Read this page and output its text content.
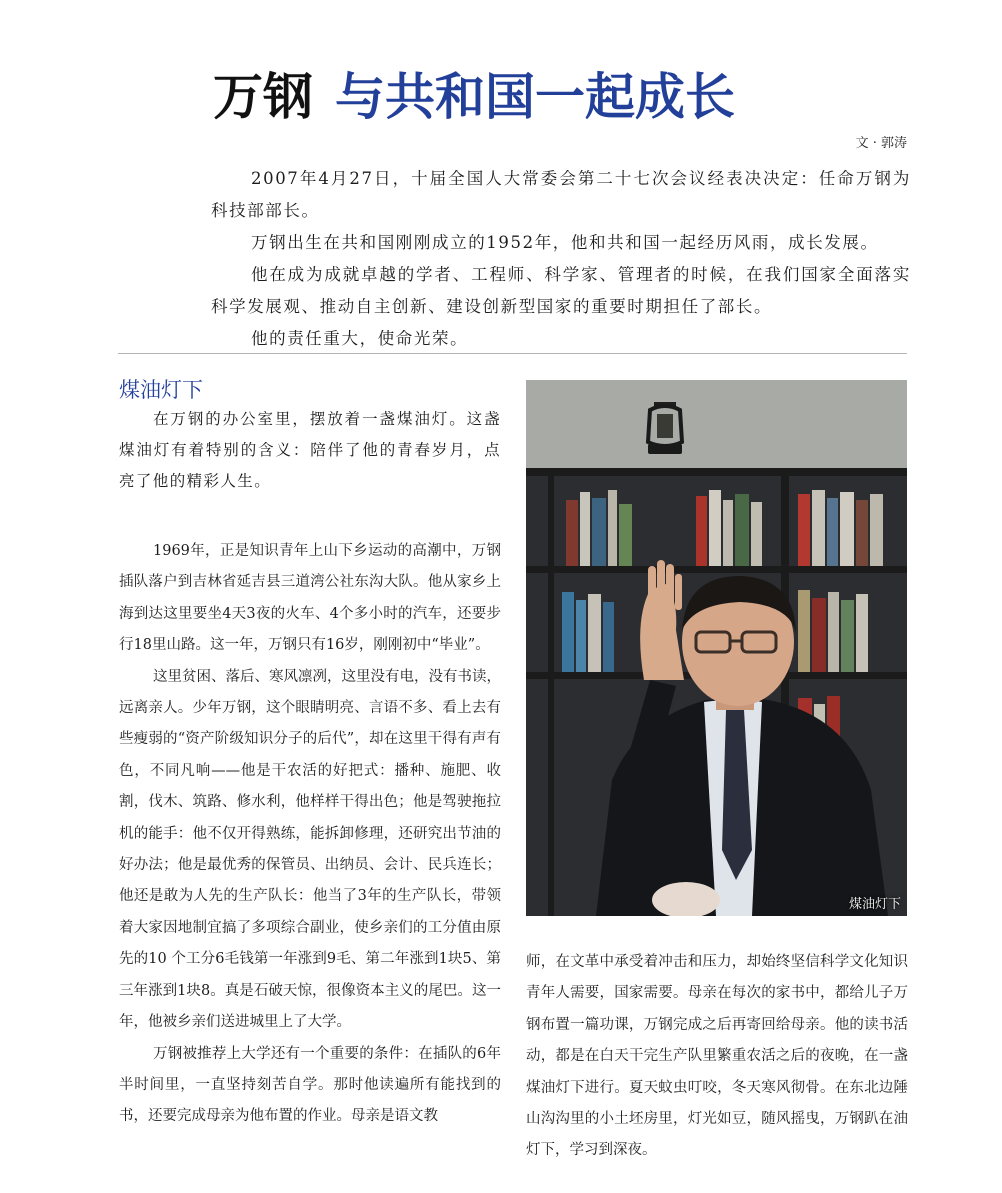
万钢 与共和国一起成长
文 · 郭涛

2007年4月27日，十届全国人大常委会第二十七次会议经表决决定：任命万钢为科技部部长。

万钢出生在共和国刚刚成立的1952年，他和共和国一起经历风雨，成长发展。

他在成为成就卓越的学者、工程师、科学家、管理者的时候，在我们国家全面落实科学发展观、推动自主创新、建设创新型国家的重要时期担任了部长。

他的责任重大，使命光荣。

煤油灯下

在万钢的办公室里，摆放着一盏煤油灯。这盏煤油灯有着特别的含义：陪伴了他的青春岁月，点亮了他的精彩人生。

1969年，正是知识青年上山下乡运动的高潮中，万钢插队落户到吉林省延吉县三道湾公社东沟大队。他从家乡上海到达这里要坐4天3夜的火车、4个多小时的汽车，还要步行18里山路。这一年，万钢只有16岁，刚刚初中“毕业”。

这里贫困、落后、寒风凛冽，这里没有电，没有书读，远离亲人。少年万钢，这个眼睛明亮、言语不多、看上去有些瘦弱的“资产阶级知识分子的后代”，却在这里干得有声有色，不同凡响——他是干农活的好把式：播种、施肥、收割，伐木、筑路、修水利，他样样干得出色；他是驾驶拖拉机的能手：他不仅开得熟练，能拆卸修理，还研究出节油的好办法；他是最优秀的保管员、出纳员、会计、民兵连长；他还是敢为人先的生产队长：他当了3年的生产队长，带领着大家因地制宜搞了多项综合副业，使乡亲们的工分值由原先的10 个工分6毛钱第一年涨到9毛、第二年涨到1块5、第三年涨到1块8。真是石破天惊，很像资本主义的尾巴。这一年，他被乡亲们送进城里上了大学。

万钢被推荐上大学还有一个重要的条件：在插队的6年半时间里，一直坚持刻苦自学。那时他读遍所有能找到的书，还要完成母亲为他布置的作业。母亲是语文教

煤油灯下

师，在文革中承受着冲击和压力，却始终坚信科学文化知识青年人需要，国家需要。母亲在每次的家书中，都给儿子万钢布置一篇功课，万钢完成之后再寄回给母亲。他的读书活动，都是在白天干完生产队里繁重农活之后的夜晚，在一盏煤油灯下进行。夏天蚊虫叮咬，冬天寒风彻骨。在东北边陲山沟沟里的小土坯房里，灯光如豆，随风摇曳，万钢趴在油灯下，学习到深夜。
